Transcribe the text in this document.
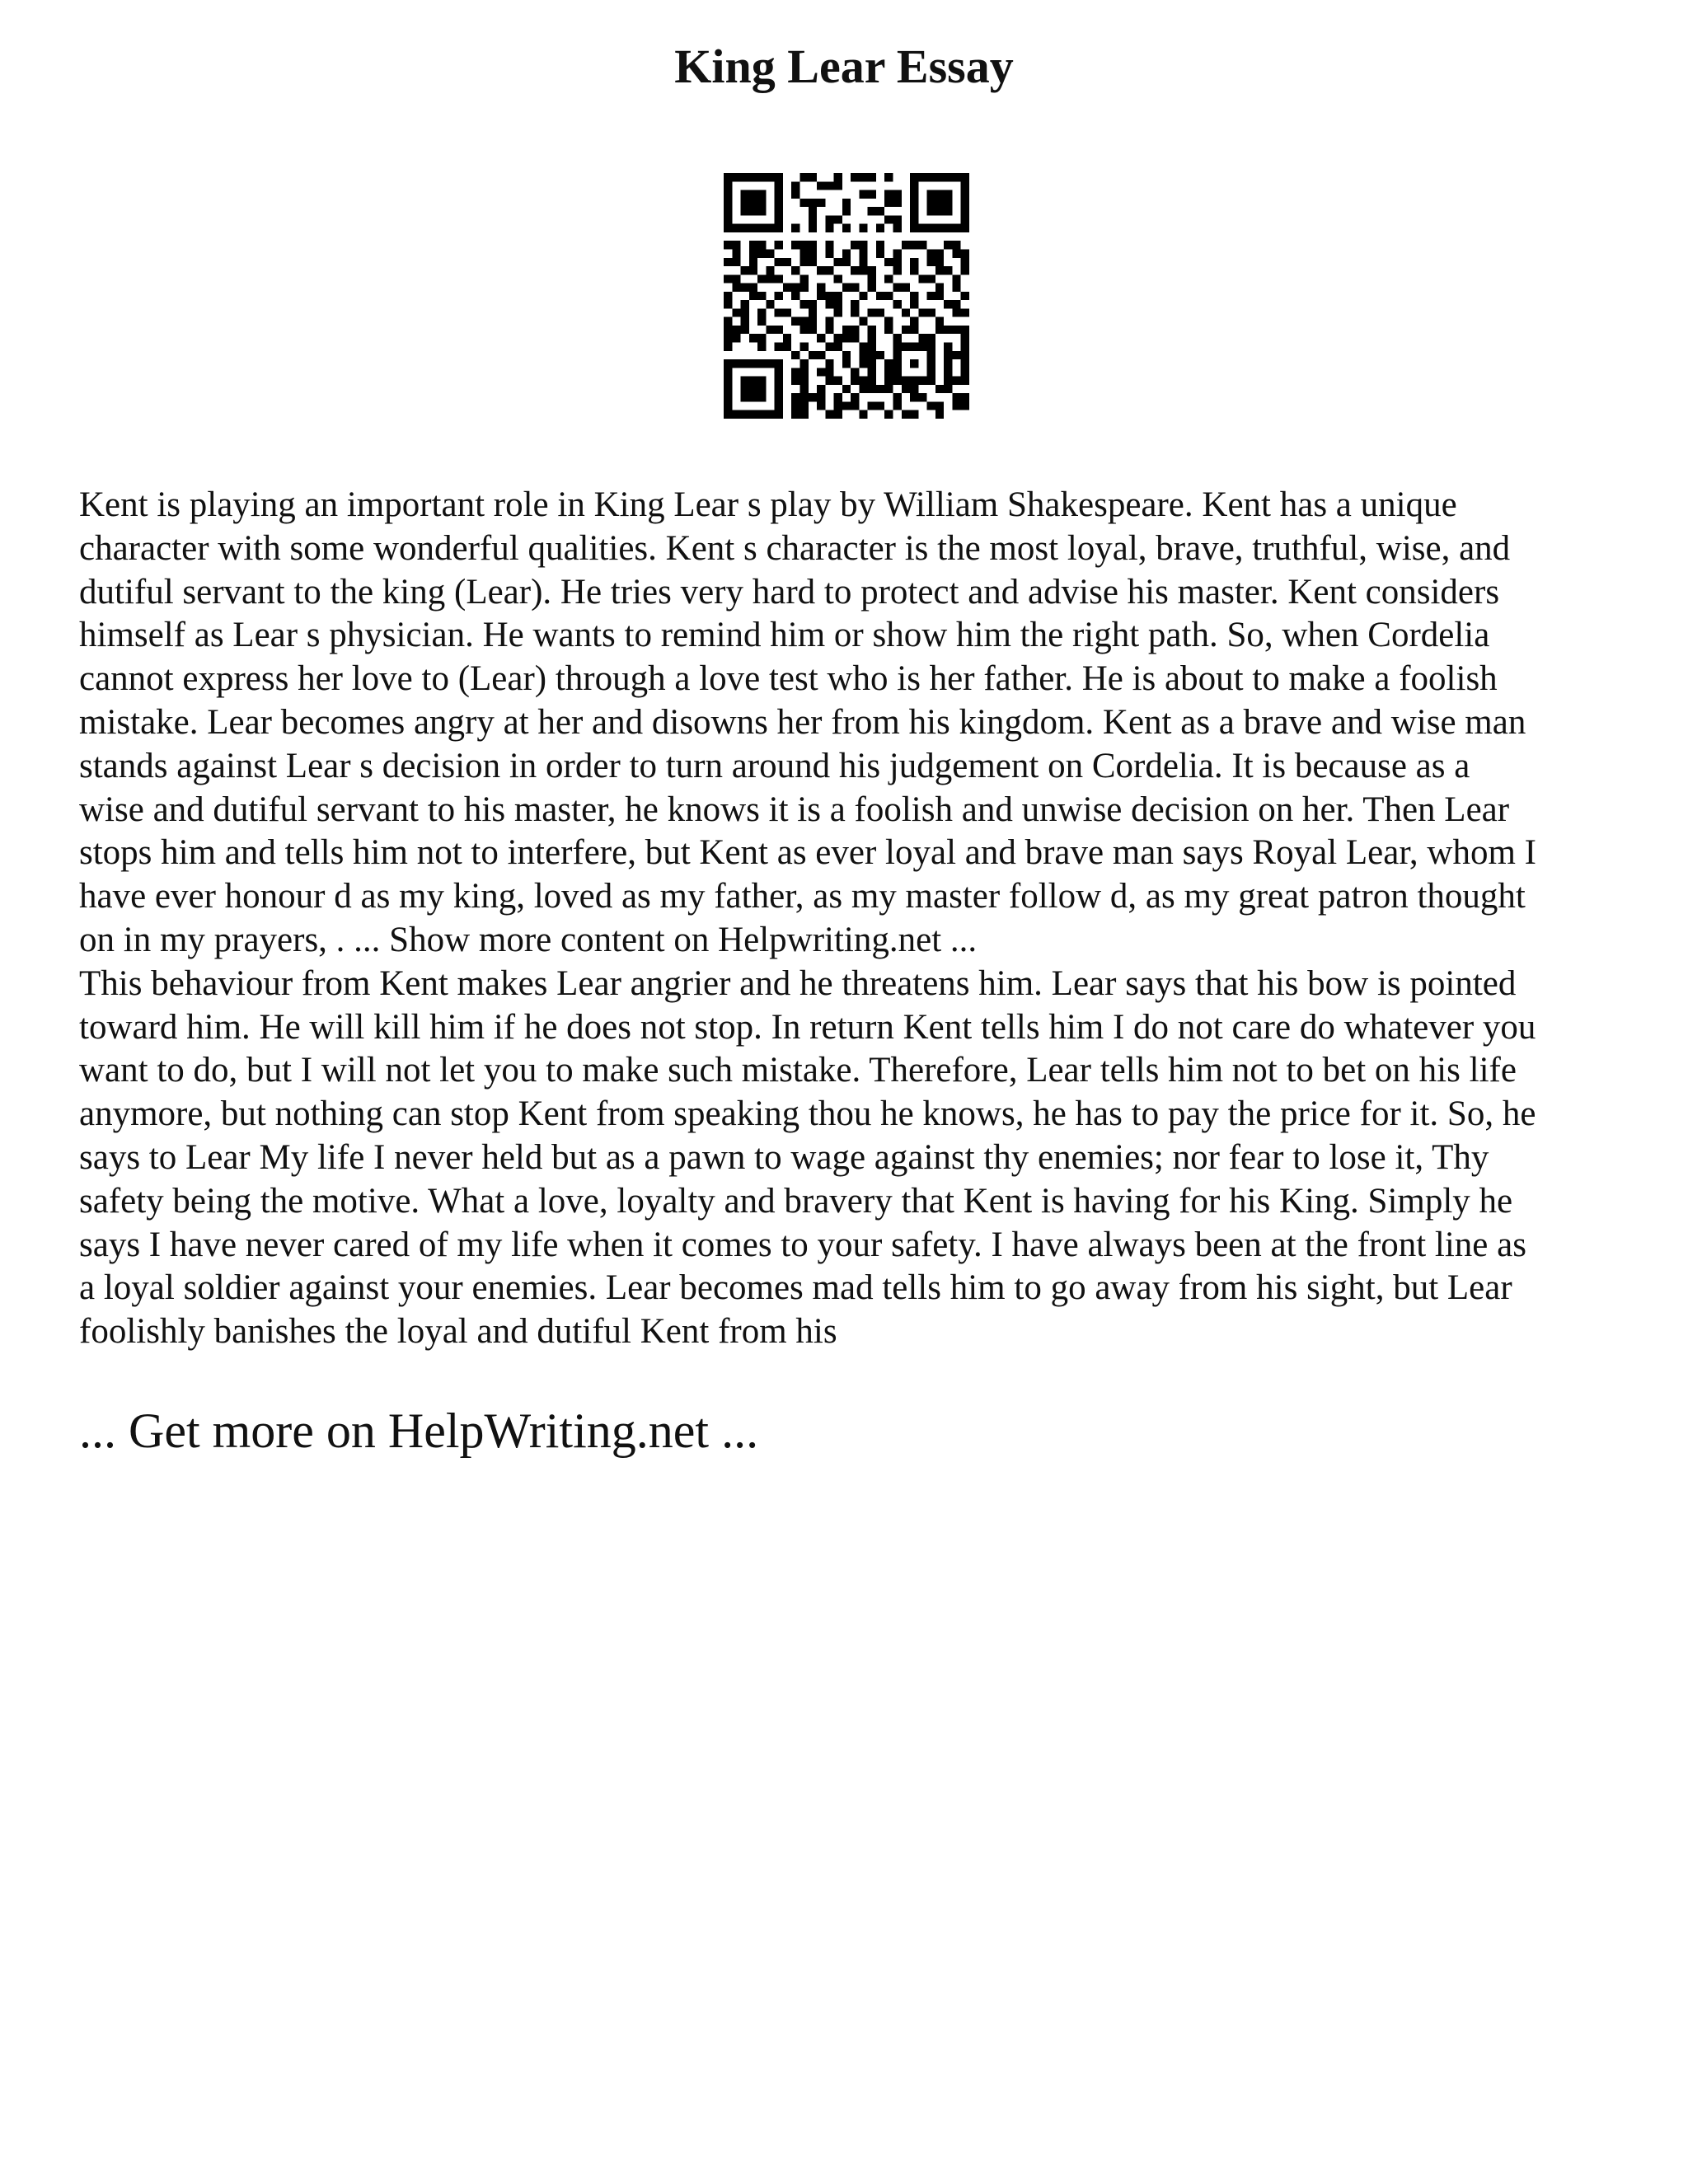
King Lear Essay

Kent is playing an important role in King Lear s play by William Shakespeare. Kent has a unique
character with some wonderful qualities. Kent s character is the most loyal, brave, truthful, wise, and
dutiful servant to the king (Lear). He tries very hard to protect and advise his master. Kent considers
himself as Lear s physician. He wants to remind him or show him the right path. So, when Cordelia
cannot express her love to (Lear) through a love test who is her father. He is about to make a foolish
mistake. Lear becomes angry at her and disowns her from his kingdom. Kent as a brave and wise man
stands against Lear s decision in order to turn around his judgement on Cordelia. It is because as a
wise and dutiful servant to his master, he knows it is a foolish and unwise decision on her. Then Lear
stops him and tells him not to interfere, but Kent as ever loyal and brave man says Royal Lear, whom I
have ever honour d as my king, loved as my father, as my master follow d, as my great patron thought
on in my prayers, . ... Show more content on Helpwriting.net ...

This behaviour from Kent makes Lear angrier and he threatens him. Lear says that his bow is pointed
toward him. He will kill him if he does not stop. In return Kent tells him I do not care do whatever you
want to do, but I will not let you to make such mistake. Therefore, Lear tells him not to bet on his life
anymore, but nothing can stop Kent from speaking thou he knows, he has to pay the price for it. So, he
says to Lear My life I never held but as a pawn to wage against thy enemies; nor fear to lose it, Thy
safety being the motive. What a love, loyalty and bravery that Kent is having for his King. Simply he
says I have never cared of my life when it comes to your safety. I have always been at the front line as
a loyal soldier against your enemies. Lear becomes mad tells him to go away from his sight, but Lear
foolishly banishes the loyal and dutiful Kent from his

... Get more on HelpWriting.net ...
